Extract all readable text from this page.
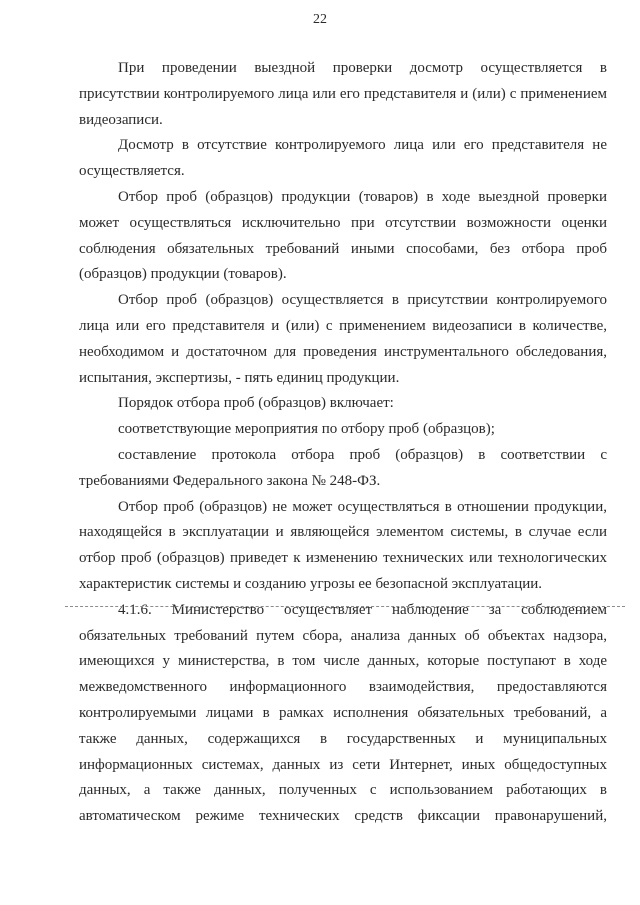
22

При проведении выездной проверки досмотр осуществляется в присутствии контролируемого лица или его представителя и (или) с применением видеозаписи.

Досмотр в отсутствие контролируемого лица или его представителя не осуществляется.

Отбор проб (образцов) продукции (товаров) в ходе выездной проверки может осуществляться исключительно при отсутствии возможности оценки соблюдения обязательных требований иными способами, без отбора проб (образцов) продукции (товаров).

Отбор проб (образцов) осуществляется в присутствии контролируемого лица или его представителя и (или) с применением видеозаписи в количестве, необходимом и достаточном для проведения инструментального обследования, испытания, экспертизы, - пять единиц продукции.

Порядок отбора проб (образцов) включает:

соответствующие мероприятия по отбору проб (образцов);

составление протокола отбора проб (образцов) в соответствии с требованиями Федерального закона № 248-ФЗ.

Отбор проб (образцов) не может осуществляться в отношении продукции, находящейся в эксплуатации и являющейся элементом системы, в случае если отбор проб (образцов) приведет к изменению технических или технологических характеристик системы и созданию угрозы ее безопасной эксплуатации.

4.1.6. Министерство осуществляет наблюдение за соблюдением обязательных требований путем сбора, анализа данных об объектах надзора, имеющихся у министерства, в том числе данных, которые поступают в ходе межведомственного информационного взаимодействия, предоставляются контролируемыми лицами в рамках исполнения обязательных требований, а также данных, содержащихся в государственных и муниципальных информационных системах, данных из сети Интернет, иных общедоступных данных, а также данных, полученных с использованием работающих в автоматическом режиме технических средств фиксации правонарушений,
